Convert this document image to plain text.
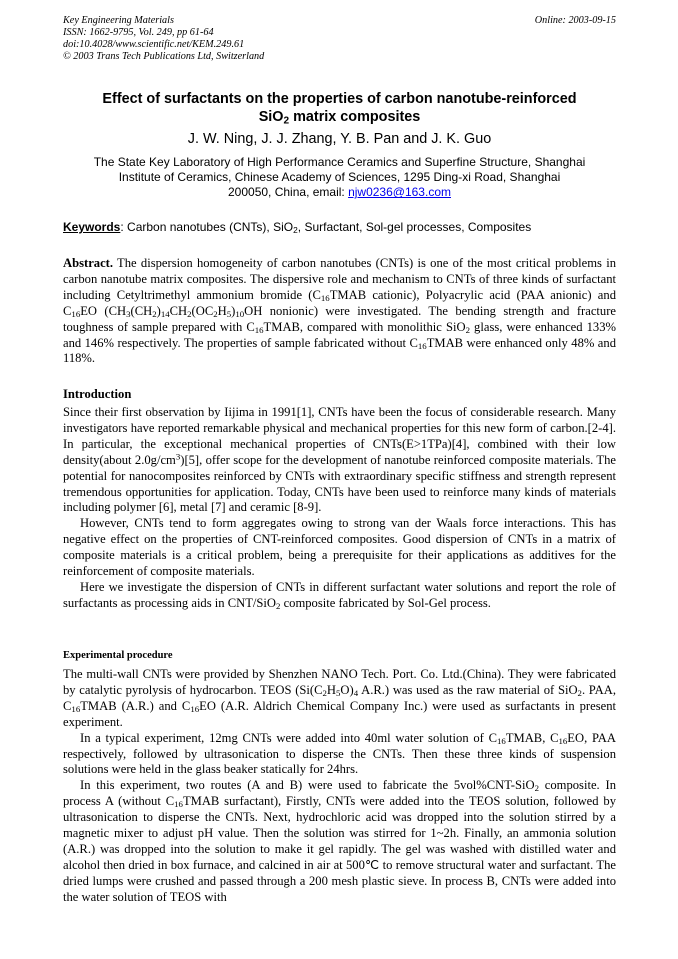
Key Engineering Materials
ISSN: 1662-9795, Vol. 249, pp 61-64
doi:10.4028/www.scientific.net/KEM.249.61
© 2003 Trans Tech Publications Ltd, Switzerland
Online: 2003-09-15
Effect of surfactants on the properties of carbon nanotube-reinforced
SiO$_2$ matrix composites
J. W. Ning, J. J. Zhang, Y. B. Pan and J. K. Guo
The State Key Laboratory of High Performance Ceramics and Superfine Structure, Shanghai
Institute of Ceramics, Chinese Academy of Sciences, 1295 Ding-xi Road, Shanghai
200050, China, email: njw0236@163.com
Keywords: Carbon nanotubes (CNTs), SiO$_2$, Surfactant, Sol-gel processes, Composites

Abstract. The dispersion homogeneity of carbon nanotubes (CNTs) is one of the most critical problems in carbon nanotube matrix composites. The dispersive role and mechanism to CNTs of three kinds of surfactant including Cetyltrimethyl ammonium bromide ($C_{16}TMAB$ cationic), Polyacrylic acid (PAA anionic) and $C_{16}EO$ ($CH_3(CH_2)_{14}CH_2(OC_2H_5)_{10}OH$ nonionic) were investigated. The bending strength and fracture toughness of sample prepared with $C_{16}TMAB$, compared with monolithic SiO$_2$ glass, were enhanced 133% and 146% respectively. The properties of sample fabricated without $C_{16}TMAB$ were enhanced only 48% and 118%.

Introduction

Since their first observation by Iijima in 1991[1], CNTs have been the focus of considerable research. Many investigators have reported remarkable physical and mechanical properties for this new form of carbon.[2-4]. In particular, the exceptional mechanical properties of CNTs(E>1TPa)[4], combined with their low density(about $2.0g/cm^3)[5]$, offer scope for the development of nanotube reinforced composite materials. The potential for nanocomposites reinforced by CNTs with extraordinary specific stiffness and strength represent tremendous opportunities for application. Today, CNTs have been used to reinforce many kinds of materials including polymer [6], metal [7] and ceramic [8-9].

However, CNTs tend to form aggregates owing to strong van der Waals force interactions. This has negative effect on the properties of CNT-reinforced composites. Good dispersion of CNTs in a matrix of composite materials is a critical problem, being a prerequisite for their applications as additives for the reinforcement of composite materials.

Here we investigate the dispersion of CNTs in different surfactant water solutions and report the role of surfactants as processing aids in CNT/SiO$_2$ composite fabricated by Sol-Gel process.

Experimental procedure

The multi-wall CNTs were provided by Shenzhen NANO Tech. Port. Co. Ltd.(China). They were fabricated by catalytic pyrolysis of hydrocarbon. TEOS ($Si(C_2H_5O)_4$ A.R.) was used as the raw material of SiO$_2$. PAA, $C_{16}TMAB$ (A.R.) and $C_{16}EO$ (A.R. Aldrich Chemical Company Inc.) were used as surfactants in present experiment.

In a typical experiment, 12mg CNTs were added into 40ml water solution of $C_{16}TMAB$, $C_{16}EO$, PAA respectively, followed by ultrasonication to disperse the CNTs. Then these three kinds of suspension solutions were held in the glass beaker statically for 24hrs.

In this experiment, two routes (A and B) were used to fabricate the 5vol%CNT-SiO$_2$ composite. In process A (without $C_{16}TMAB$ surfactant), Firstly, CNTs were added into the TEOS solution, followed by ultrasonication to disperse the CNTs. Next, hydrochloric acid was dropped into the solution stirred by a magnetic mixer to adjust pH value. Then the solution was stirred for 1~2h. Finally, an ammonia solution (A.R.) was dropped into the solution to make it gel rapidly. The gel was washed with distilled water and alcohol then dried in box furnace, and calcined in air at 500℃ to remove structural water and surfactant. The dried lumps were crushed and passed through a 200 mesh plastic sieve. In process B, CNTs were added into the water solution of TEOS with
